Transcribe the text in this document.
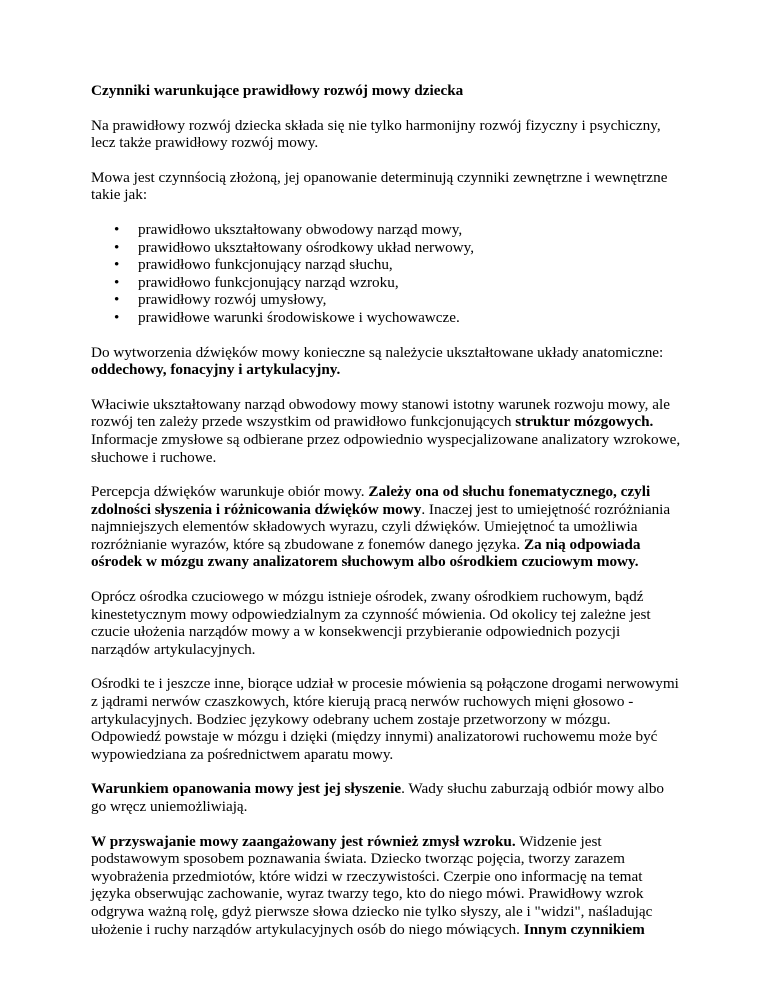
Czynniki warunkujące prawidłowy rozwój mowy dziecka

Na prawidłowy rozwój dziecka składa się nie tylko harmonijny rozwój fizyczny i psychiczny, lecz także prawidłowy rozwój mowy.

Mowa jest czynnśocią złożoną, jej opanowanie determinują czynniki zewnętrzne i wewnętrzne takie jak:

• prawidłowo ukształtowany obwodowy narząd mowy,
• prawidłowo ukształtowany ośrodkowy układ nerwowy,
• prawidłowo funkcjonujący narząd słuchu,
• prawidłowo funkcjonujący narząd wzroku,
• prawidłowy rozwój umysłowy,
• prawidłowe warunki środowiskowe i wychowawcze.

Do wytworzenia dźwięków mowy konieczne są należycie ukształtowane układy anatomiczne: oddechowy, fonacyjny i artykulacyjny.

Właciwie ukształtowany narząd obwodowy mowy stanowi istotny warunek rozwoju mowy, ale rozwój ten zależy przede wszystkim od prawidłowo funkcjonujących struktur mózgowych. Informacje zmysłowe są odbierane przez odpowiednio wyspecjalizowane analizatory wzrokowe, słuchowe i ruchowe.

Percepcja dźwięków warunkuje obiór mowy. Zależy ona od słuchu fonematycznego, czyli zdolności słyszenia i różnicowania dźwięków mowy. Inaczej jest to umiejętność rozróżniania najmniejszych elementów składowych wyrazu, czyli dźwięków. Umiejętnoć ta umożliwia rozróżnianie wyrazów, które są zbudowane z fonemów danego języka. Za nią odpowiada ośrodek w mózgu zwany analizatorem słuchowym albo ośrodkiem czuciowym mowy.

Oprócz ośrodka czuciowego w mózgu istnieje ośrodek, zwany ośrodkiem ruchowym, bądź kinestetycznym mowy odpowiedzialnym za czynność mówienia. Od okolicy tej zależne jest czucie ułożenia narządów mowy a w konsekwencji przybieranie odpowiednich pozycji narządów artykulacyjnych.

Ośrodki te i jeszcze inne, biorące udział w procesie mówienia są połączone drogami nerwowymi z jądrami nerwów czaszkowych, które kierują pracą nerwów ruchowych mięni głosowo - artykulacyjnych. Bodziec językowy odebrany uchem zostaje przetworzony w mózgu. Odpowiedź powstaje w mózgu i dzięki (między innymi) analizatorowi ruchowemu może być wypowiedziana za pośrednictwem aparatu mowy.

Warunkiem opanowania mowy jest jej słyszenie. Wady słuchu zaburzają odbiór mowy albo go wręcz uniemożliwiają.

W przyswajanie mowy zaangażowany jest również zmysł wzroku. Widzenie jest podstawowym sposobem poznawania świata. Dziecko tworząc pojęcia, tworzy zarazem wyobrażenia przedmiotów, które widzi w rzeczywistości. Czerpie ono informację na temat języka obserwując zachowanie, wyraz twarzy tego, kto do niego mówi. Prawidłowy wzrok odgrywa ważną rolę, gdyż pierwsze słowa dziecko nie tylko słyszy, ale i "widzi", naśladując ułożenie i ruchy narządów artykulacyjnych osób do niego mówiących. Innym czynnikiem
